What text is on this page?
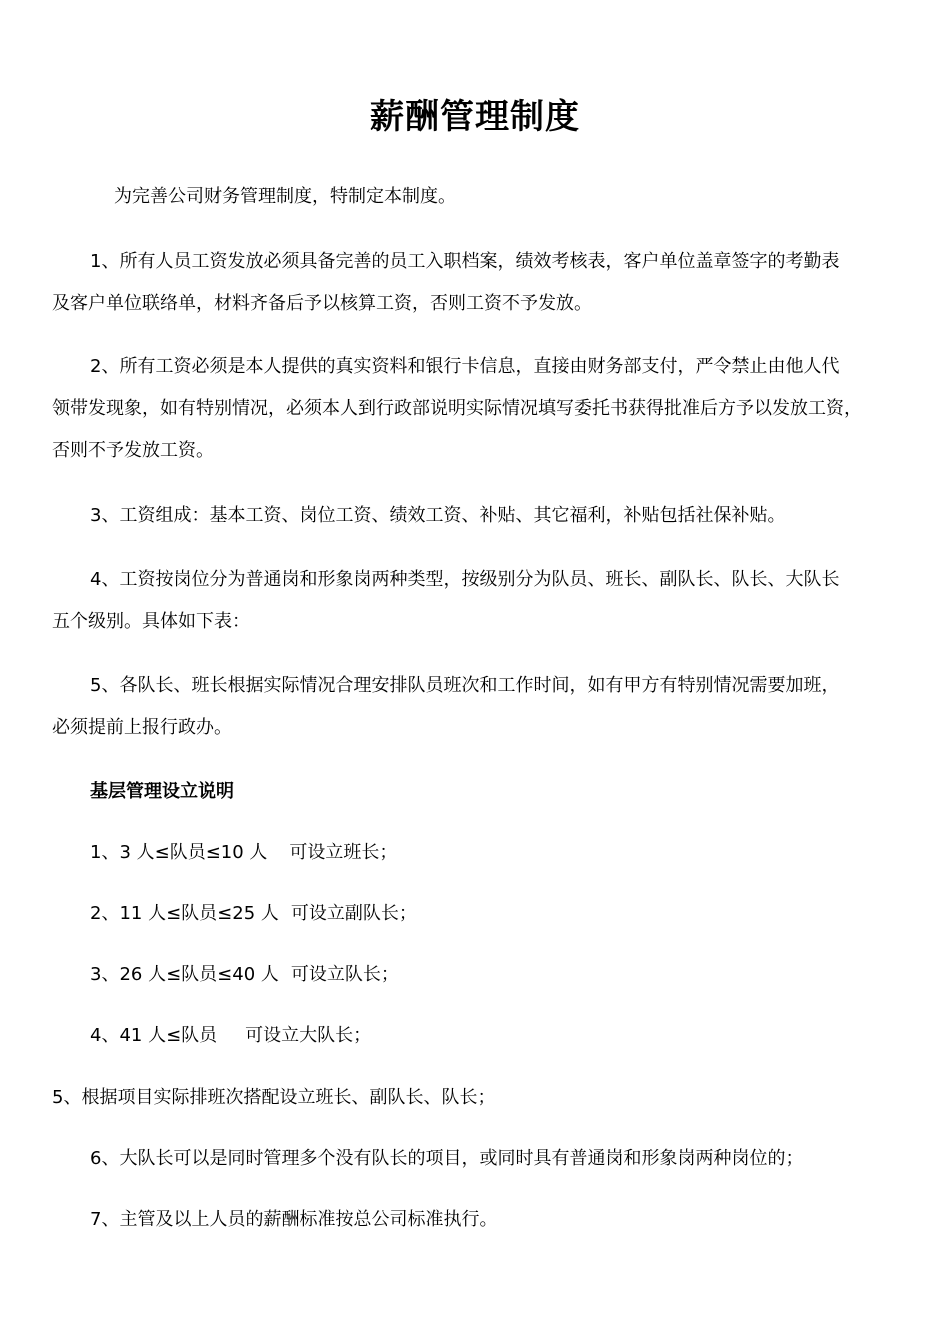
薪酬管理制度

为完善公司财务管理制度，特制定本制度。

1、所有人员工资发放必须具备完善的员工入职档案，绩效考核表，客户单位盖章签字的考勤表
及客户单位联络单，材料齐备后予以核算工资，否则工资不予发放。

2、所有工资必须是本人提供的真实资料和银行卡信息，直接由财务部支付，严令禁止由他人代
领带发现象，如有特别情况，必须本人到行政部说明实际情况填写委托书获得批准后方予以发放工资，
否则不予发放工资。

3、工资组成：基本工资、岗位工资、绩效工资、补贴、其它福利，补贴包括社保补贴。

4、工资按岗位分为普通岗和形象岗两种类型，按级别分为队员、班长、副队长、队长、大队长
五个级别。具体如下表：

5、各队长、班长根据实际情况合理安排队员班次和工作时间，如有甲方有特别情况需要加班，
必须提前上报行政办。

基层管理设立说明

1、3 人≤队员≤10 人 可设立班长；

2、11 人≤队员≤25 人 可设立副队长；

3、26 人≤队员≤40 人 可设立队长；

4、41 人≤队员 可设立大队长；

5、根据项目实际排班次搭配设立班长、副队长、队长；

6、大队长可以是同时管理多个没有队长的项目，或同时具有普通岗和形象岗两种岗位的；

7、主管及以上人员的薪酬标准按总公司标准执行。
